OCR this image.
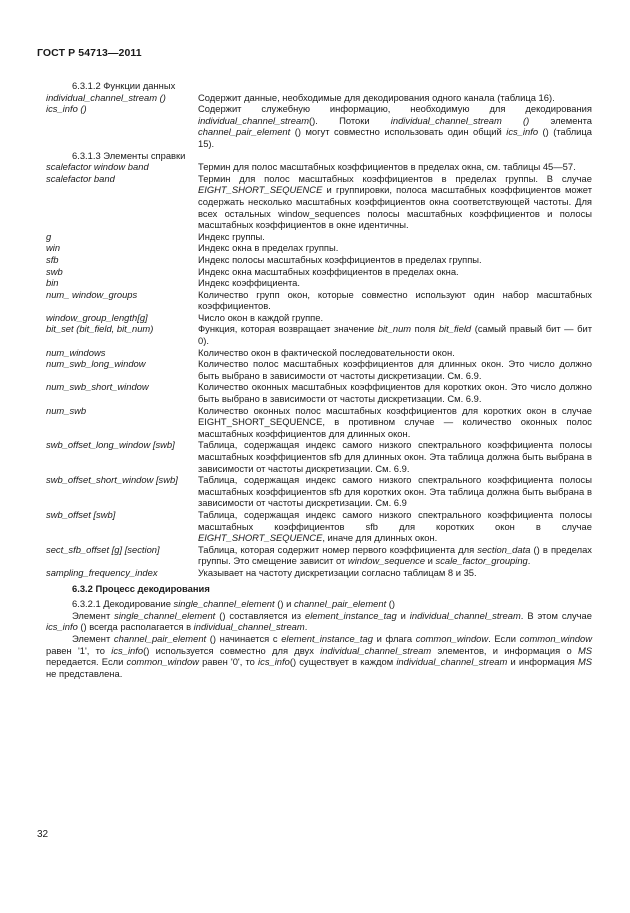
ГОСТ Р 54713—2011
6.3.1.2 Функции данных
individual_channel_stream ()	Содержит данные, необходимые для декодирования одного канала (таблица 16).
ics_info ()	Содержит служебную информацию, необходимую для декодирования individual_channel_stream(). Потоки individual_channel_stream () элемента channel_pair_element () могут совместно использовать один общий ics_info () (таблица 15).
6.3.1.3 Элементы справки
scalefactor window band	Термин для полос масштабных коэффициентов в пределах окна, см. таблицы 45—57.
scalefactor band	Термин для полос масштабных коэффициентов в пределах группы. В случае EIGHT_SHORT_SEQUENCE и группировки, полоса масштабных коэффициентов может содержать несколько масштабных коэффициентов окна соответствующей частоты. Для всех остальных window_sequences полосы масштабных коэффициентов и полосы масштабных коэффициентов в окне идентичны.
g	Индекс группы.
win	Индекс окна в пределах группы.
sfb	Индекс полосы масштабных коэффициентов в пределах группы.
swb	Индекс окна масштабных коэффициентов в пределах окна.
bin	Индекс коэффициента.
num_ window_groups	Количество групп окон, которые совместно используют один набор масштабных коэффициентов.
window_group_length[g]	Число окон в каждой группе.
bit_set (bit_field, bit_num)	Функция, которая возвращает значение bit_num поля bit_field (самый правый бит — бит 0).
num_windows	Количество окон в фактической последовательности окон.
num_swb_long_window	Количество полос масштабных коэффициентов для длинных окон. Это число должно быть выбрано в зависимости от частоты дискретизации. См. 6.9.
num_swb_short_window	Количество оконных масштабных коэффициентов для коротких окон. Это число должно быть выбрано в зависимости от частоты дискретизации. См. 6.9.
num_swb	Количество оконных полос масштабных коэффициентов для коротких окон в случае EIGHT_SHORT_SEQUENCE, в противном случае — количество оконных полос масштабных коэффициентов для длинных окон.
swb_offset_long_window [swb]	Таблица, содержащая индекс самого низкого спектрального коэффициента полосы масштабных коэффициентов sfb для длинных окон. Эта таблица должна быть выбрана в зависимости от частоты дискретизации. См. 6.9.
swb_offset_short_window [swb]	Таблица, содержащая индекс самого низкого спектрального коэффициента полосы масштабных коэффициентов sfb для коротких окон. Эта таблица должна быть выбрана в зависимости от частоты дискретизации. См. 6.9
swb_offset [swb]	Таблица, содержащая индекс самого низкого спектрального коэффициента полосы масштабных коэффициентов sfb для коротких окон в случае EIGHT_SHORT_SEQUENCE, иначе для длинных окон.
sect_sfb_offset [g] [section]	Таблица, которая содержит номер первого коэффициента для section_data () в пределах группы. Это смещение зависит от window_sequence и scale_factor_grouping.
sampling_frequency_index	Указывает на частоту дискретизации согласно таблицам 8 и 35.
6.3.2 Процесс декодирования
6.3.2.1 Декодирование single_channel_element () и channel_pair_element ()
Элемент single_channel_element () составляется из element_instance_tag и individual_channel_stream. В этом случае ics_info () всегда располагается в individual_channel_stream.
Элемент channel_pair_element () начинается с element_instance_tag и флага common_window. Если common_window равен '1', то ics_info() используется совместно для двух individual_channel_stream элементов, и информация о MS передается. Если common_window равен '0', то ics_info() существует в каждом individual_channel_stream и информация MS не представлена.
32
